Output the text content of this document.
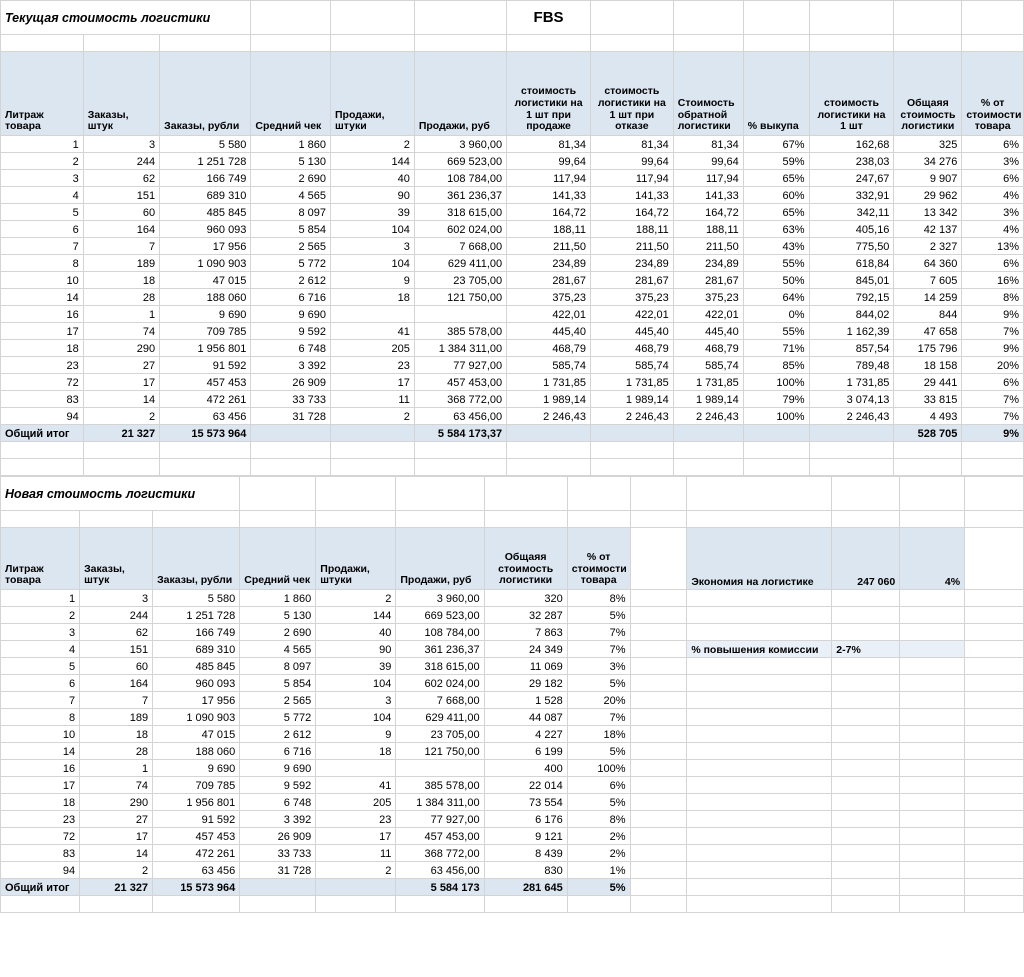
Текущая стоимость логистики						FBS						

Литраж товара	Заказы, штук	Заказы, рубли	Средний чек	Продажи, штуки	Продажи, руб	стоимость логистики на 1 шт при продаже	стоимость логистики на 1 шт при отказе	Стоимость обратной логистики	% выкупа	стоимость логистики на 1 шт	Общаяя стоимость логистики	% от стоимости товара
1	3	5 580	1 860	2	3 960,00	81,34	81,34	81,34	67%	162,68	325	6%
2	244	1 251 728	5 130	144	669 523,00	99,64	99,64	99,64	59%	238,03	34 276	3%
3	62	166 749	2 690	40	108 784,00	117,94	117,94	117,94	65%	247,67	9 907	6%
4	151	689 310	4 565	90	361 236,37	141,33	141,33	141,33	60%	332,91	29 962	4%
5	60	485 845	8 097	39	318 615,00	164,72	164,72	164,72	65%	342,11	13 342	3%
6	164	960 093	5 854	104	602 024,00	188,11	188,11	188,11	63%	405,16	42 137	4%
7	7	17 956	2 565	3	7 668,00	211,50	211,50	211,50	43%	775,50	2 327	13%
8	189	1 090 903	5 772	104	629 411,00	234,89	234,89	234,89	55%	618,84	64 360	6%
10	18	47 015	2 612	9	23 705,00	281,67	281,67	281,67	50%	845,01	7 605	16%
14	28	188 060	6 716	18	121 750,00	375,23	375,23	375,23	64%	792,15	14 259	8%
16	1	9 690	9 690			422,01	422,01	422,01	0%	844,02	844	9%
17	74	709 785	9 592	41	385 578,00	445,40	445,40	445,40	55%	1 162,39	47 658	7%
18	290	1 956 801	6 748	205	1 384 311,00	468,79	468,79	468,79	71%	857,54	175 796	9%
23	27	91 592	3 392	23	77 927,00	585,74	585,74	585,74	85%	789,48	18 158	20%
72	17	457 453	26 909	17	457 453,00	1 731,85	1 731,85	1 731,85	100%	1 731,85	29 441	6%
83	14	472 261	33 733	11	368 772,00	1 989,14	1 989,14	1 989,14	79%	3 074,13	33 815	7%
94	2	63 456	31 728	2	63 456,00	2 246,43	2 246,43	2 246,43	100%	2 246,43	4 493	7%
Общий итог	21 327	15 573 964			5 584 173,37						528 705	9%

Новая стоимость логистики												

Литраж товара	Заказы, штук	Заказы, рубли	Средний чек	Продажи, штуки	Продажи, руб	Общаяя стоимость логистики	% от стоимости товара		Экономия на логистике	247 060	4%	
1	3	5 580	1 860	2	3 960,00	320	8%					
2	244	1 251 728	5 130	144	669 523,00	32 287	5%					
3	62	166 749	2 690	40	108 784,00	7 863	7%					
4	151	689 310	4 565	90	361 236,37	24 349	7%		% повышения комиссии	2-7%		
5	60	485 845	8 097	39	318 615,00	11 069	3%					
6	164	960 093	5 854	104	602 024,00	29 182	5%					
7	7	17 956	2 565	3	7 668,00	1 528	20%					
8	189	1 090 903	5 772	104	629 411,00	44 087	7%					
10	18	47 015	2 612	9	23 705,00	4 227	18%					
14	28	188 060	6 716	18	121 750,00	6 199	5%					
16	1	9 690	9 690			400	100%					
17	74	709 785	9 592	41	385 578,00	22 014	6%					
18	290	1 956 801	6 748	205	1 384 311,00	73 554	5%					
23	27	91 592	3 392	23	77 927,00	6 176	8%					
72	17	457 453	26 909	17	457 453,00	9 121	2%					
83	14	472 261	33 733	11	368 772,00	8 439	2%					
94	2	63 456	31 728	2	63 456,00	830	1%					
Общий итог	21 327	15 573 964			5 584 173	281 645	5%					
